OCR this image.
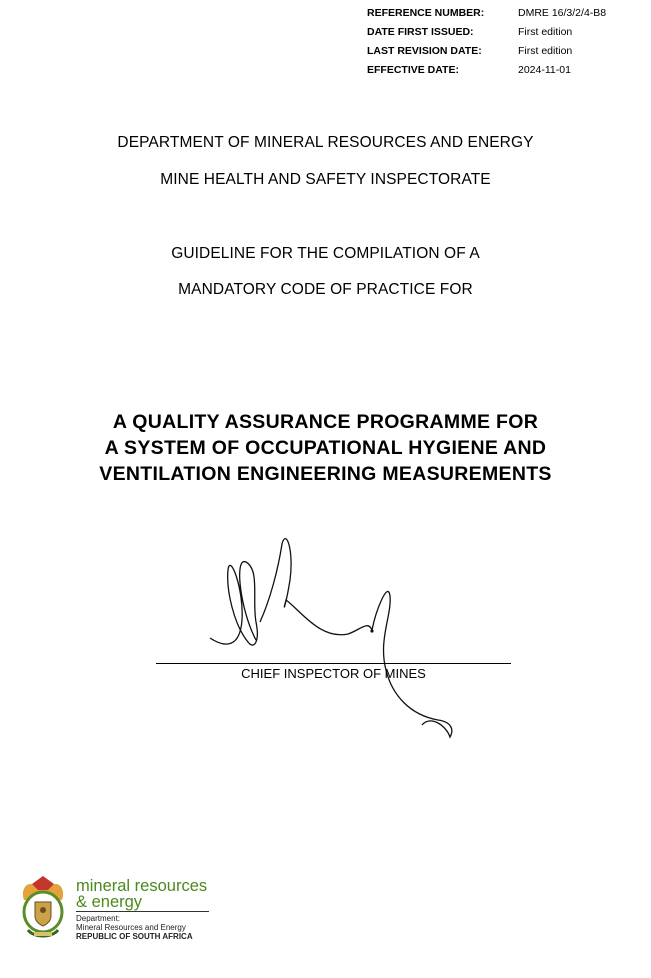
REFERENCE NUMBER:	DMRE 16/3/2/4-B8
DATE FIRST ISSUED:	First edition
LAST REVISION DATE:	First edition
EFFECTIVE DATE:	2024-11-01
DEPARTMENT OF MINERAL RESOURCES AND ENERGY
MINE HEALTH AND SAFETY INSPECTORATE
GUIDELINE FOR THE COMPILATION OF A
MANDATORY CODE OF PRACTICE FOR
A QUALITY ASSURANCE PROGRAMME FOR
A SYSTEM OF OCCUPATIONAL HYGIENE AND
VENTILATION ENGINEERING MEASUREMENTS
CHIEF INSPECTOR OF MINES
mineral resources
& energy
Department:
Mineral Resources and Energy
REPUBLIC OF SOUTH AFRICA
